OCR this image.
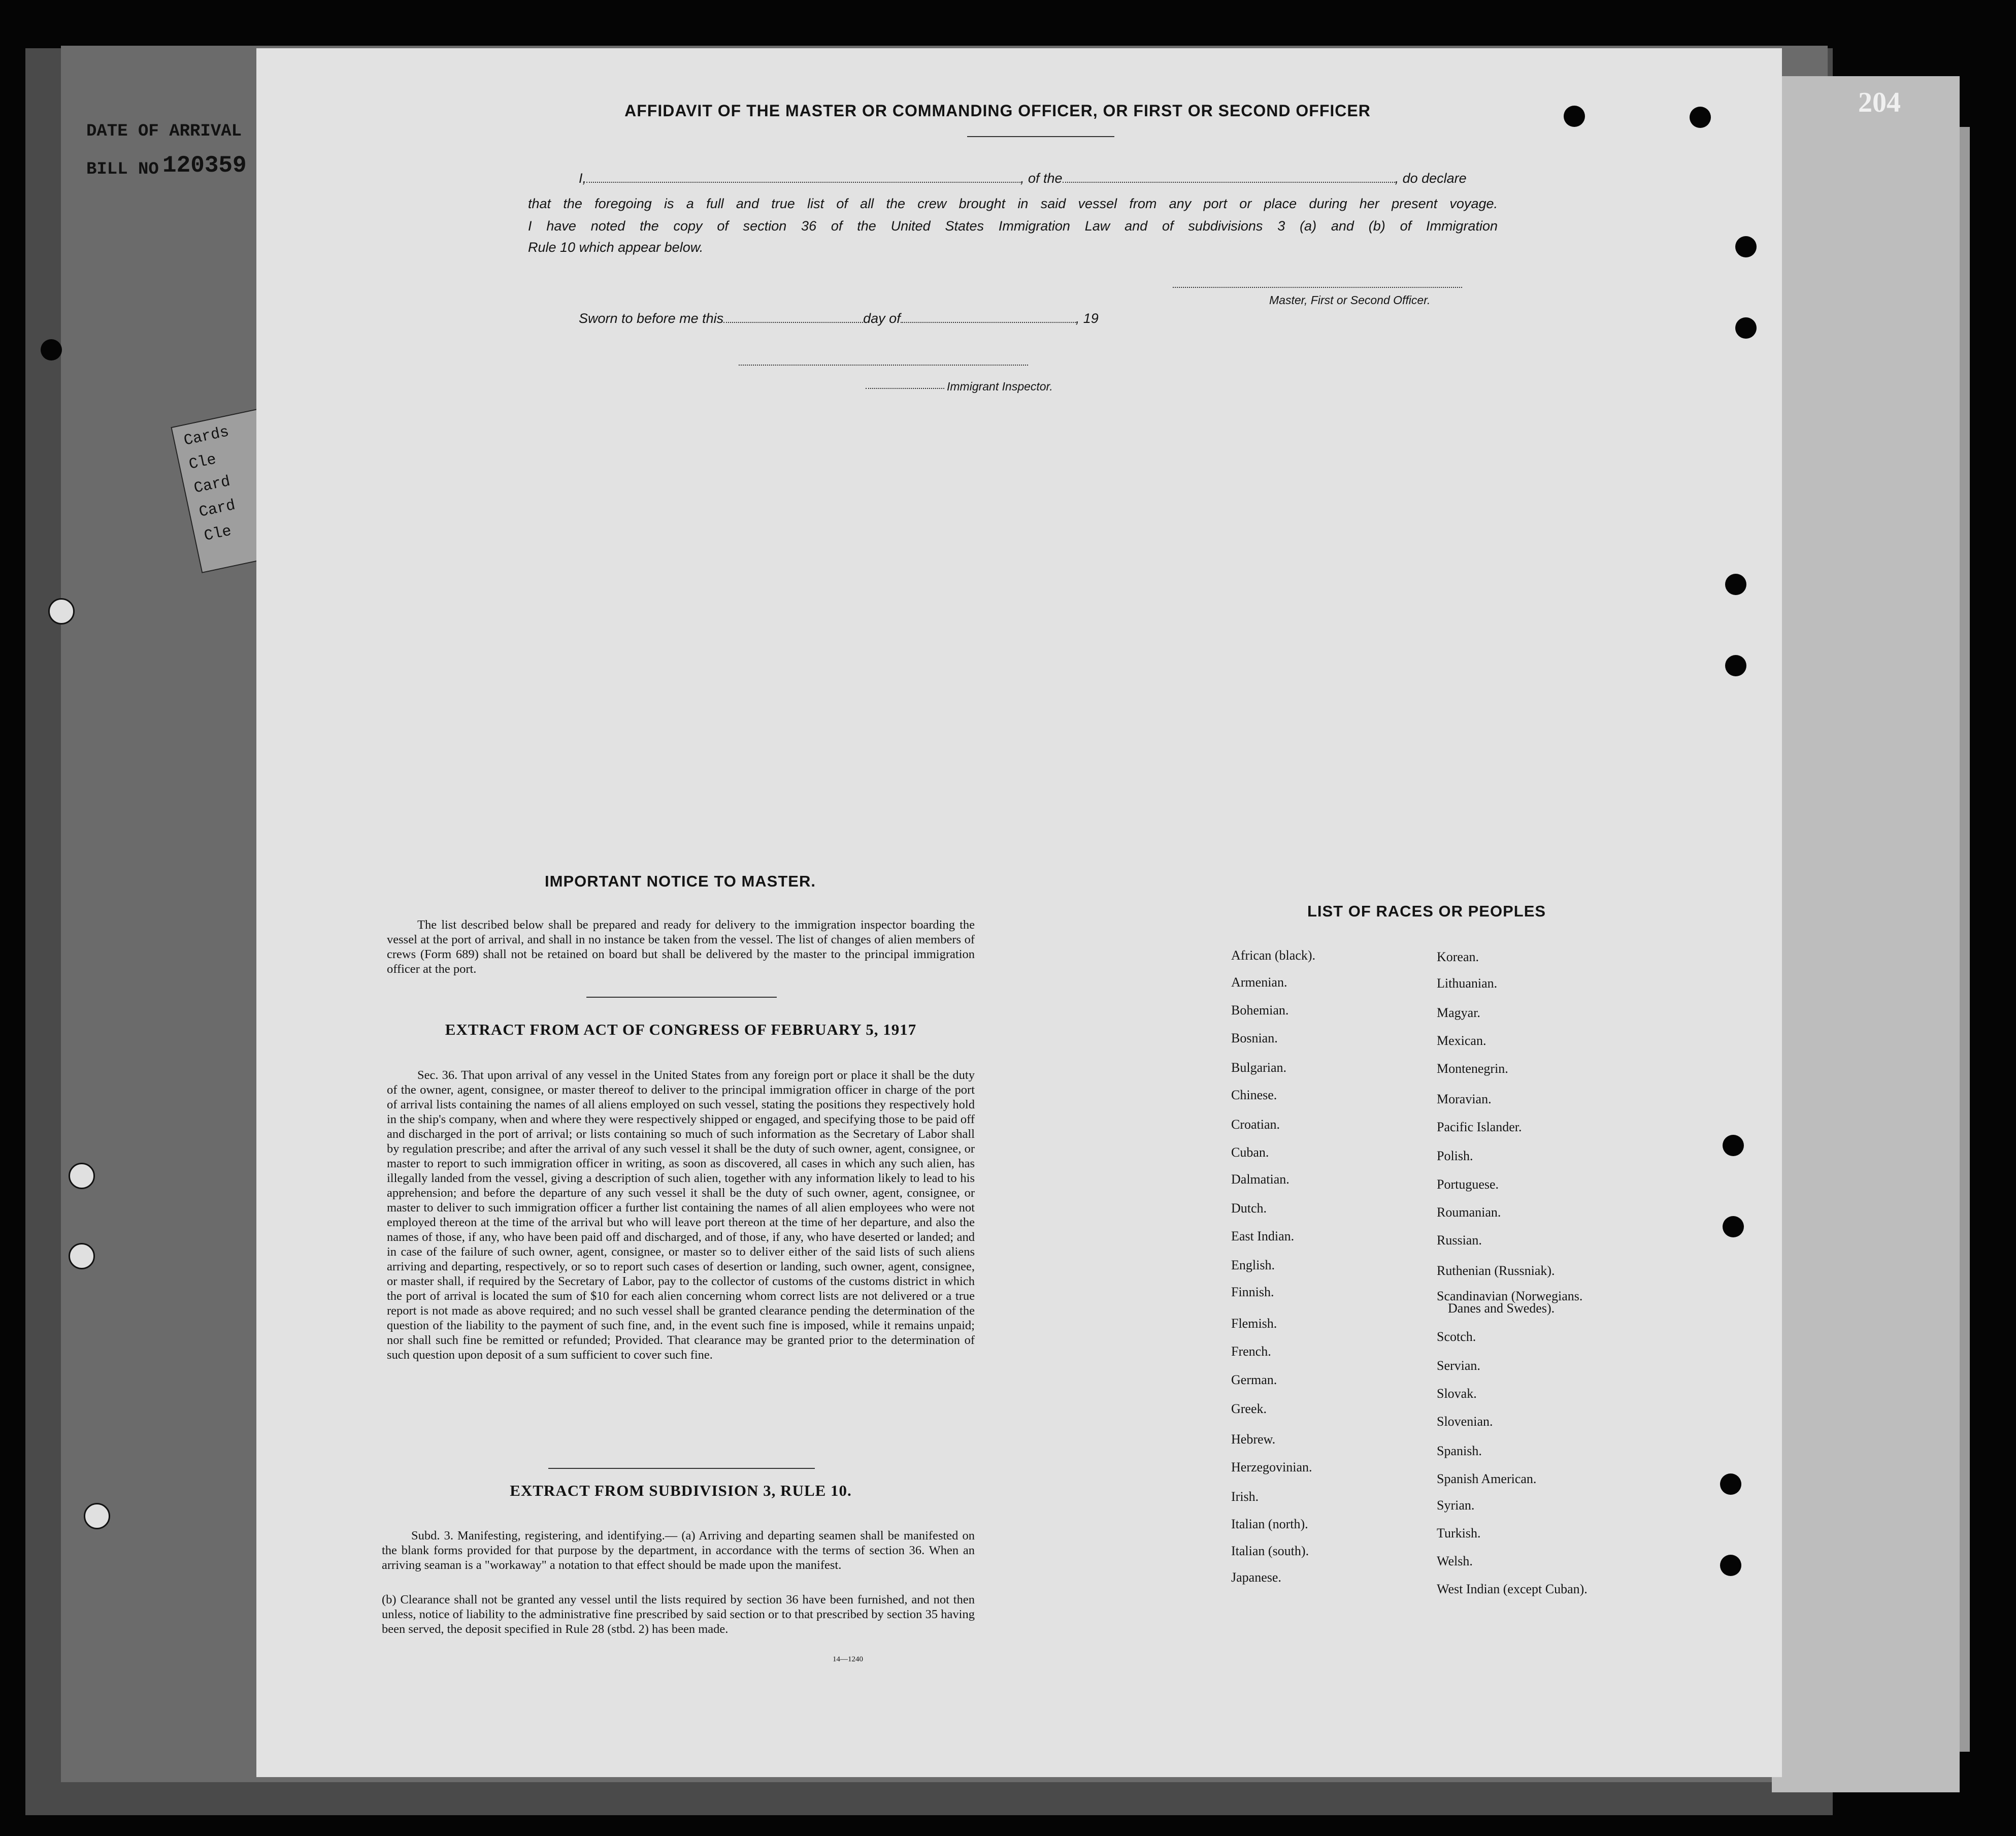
DATE OF ARRIVAL
BILL NO 120359
Cards
Cle
Card
Card
Cle
204
AFFIDAVIT OF THE MASTER OR COMMANDING OFFICER, OR FIRST OR SECOND OFFICER
I,	, of the	, do declare
that the foregoing is a full and true list of all the crew brought in said vessel from any port or place during her present voyage.
I have noted the copy of section 36 of the United States Immigration Law and of subdivisions 3 (a) and (b) of Immigration
Rule 10 which appear below.
Master, First or Second Officer.
Sworn to before me this	day of	, 19
Immigrant Inspector.
IMPORTANT NOTICE TO MASTER.
The list described below shall be prepared and ready for delivery to the immigration inspector boarding the vessel at the port of arrival, and shall in no instance be taken from the vessel. The list of changes of alien members of crews (Form 689) shall not be retained on board but shall be delivered by the master to the principal immigration officer at the port.
EXTRACT FROM ACT OF CONGRESS OF FEBRUARY 5, 1917
Sec. 36. That upon arrival of any vessel in the United States from any foreign port or place it shall be the duty of the owner, agent, consignee, or master thereof to deliver to the principal immigration officer in charge of the port of arrival lists containing the names of all aliens employed on such vessel, stating the positions they respectively hold in the ship's company, when and where they were respectively shipped or engaged, and specifying those to be paid off and discharged in the port of arrival; or lists containing so much of such information as the Secretary of Labor shall by regulation prescribe; and after the arrival of any such vessel it shall be the duty of such owner, agent, consignee, or master to report to such immigration officer in writing, as soon as discovered, all cases in which any such alien, has illegally landed from the vessel, giving a description of such alien, together with any information likely to lead to his apprehension; and before the departure of any such vessel it shall be the duty of such owner, agent, consignee, or master to deliver to such immigration officer a further list containing the names of all alien employees who were not employed thereon at the time of the arrival but who will leave port thereon at the time of her departure, and also the names of those, if any, who have been paid off and discharged, and of those, if any, who have deserted or landed; and in case of the failure of such owner, agent, consignee, or master so to deliver either of the said lists of such aliens arriving and departing, respectively, or so to report such cases of desertion or landing, such owner, agent, consignee, or master shall, if required by the Secretary of Labor, pay to the collector of customs of the customs district in which the port of arrival is located the sum of $10 for each alien concerning whom correct lists are not delivered or a true report is not made as above required; and no such vessel shall be granted clearance pending the determination of the question of the liability to the payment of such fine, and, in the event such fine is imposed, while it remains unpaid; nor shall such fine be remitted or refunded; Provided. That clearance may be granted prior to the determination of such question upon deposit of a sum sufficient to cover such fine.
EXTRACT FROM SUBDIVISION 3, RULE 10.
Subd. 3. Manifesting, registering, and identifying.— (a) Arriving and departing seamen shall be manifested on the blank forms provided for that purpose by the department, in accordance with the terms of section 36. When an arriving seaman is a "workaway" a notation to that effect should be made upon the manifest.
(b) Clearance shall not be granted any vessel until the lists required by section 36 have been furnished, and not then unless, notice of liability to the administrative fine prescribed by said section or to that prescribed by section 35 having been served, the deposit specified in Rule 28 (stbd. 2) has been made.
14—1240
LIST OF RACES OR PEOPLES
African (black).
Armenian.
Bohemian.
Bosnian.
Bulgarian.
Chinese.
Croatian.
Cuban.
Dalmatian.
Dutch.
East Indian.
English.
Finnish.
Flemish.
French.
German.
Greek.
Hebrew.
Herzegovinian.
Irish.
Italian (north).
Italian (south).
Japanese.
Korean.
Lithuanian.
Magyar.
Mexican.
Montenegrin.
Moravian.
Pacific Islander.
Polish.
Portuguese.
Roumanian.
Russian.
Ruthenian (Russniak).
Scandinavian (Norwegians.
Danes and Swedes).
Scotch.
Servian.
Slovak.
Slovenian.
Spanish.
Spanish American.
Syrian.
Turkish.
Welsh.
West Indian (except Cuban).
